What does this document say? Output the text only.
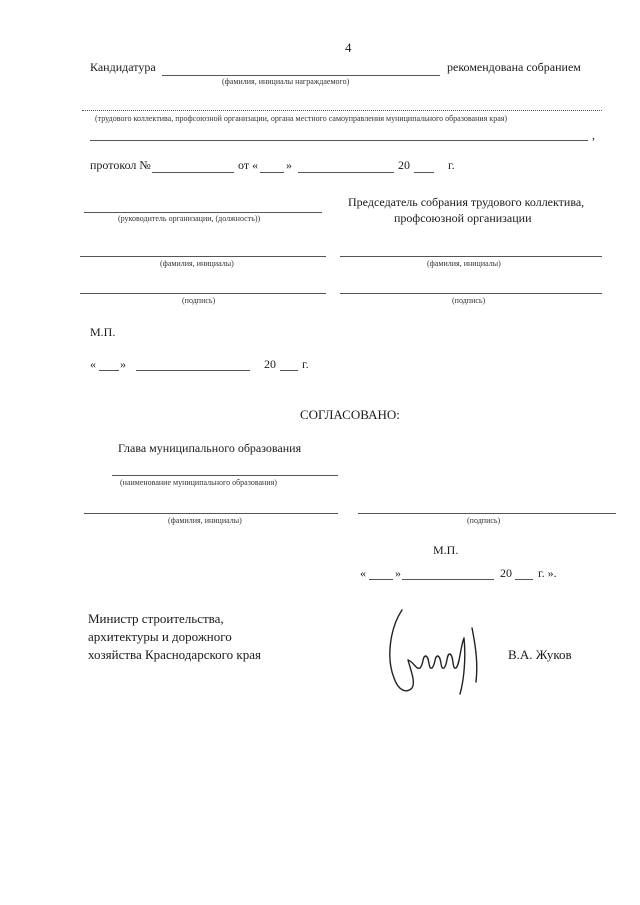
4
Кандидатура	рекомендована собранием
(фамилия, инициалы награждаемого)
(трудового коллектива, профсоюзной организации, органа местного самоуправления муниципального образования края)
,
протокол №	от « »	20	г.
(руководитель организации, (должность))
Председатель собрания трудового коллектива,
профсоюзной организации
(фамилия, инициалы)	(фамилия, инициалы)
(подпись)	(подпись)
М.П.
« »	20 г.
СОГЛАСОВАНО:
Глава муниципального образования
(наименование муниципального образования)
(фамилия, инициалы)	(подпись)
М.П.
« »	20 г. ».
Министр строительства,
архитектуры и дорожного
хозяйства Краснодарского края	В.А. Жуков
